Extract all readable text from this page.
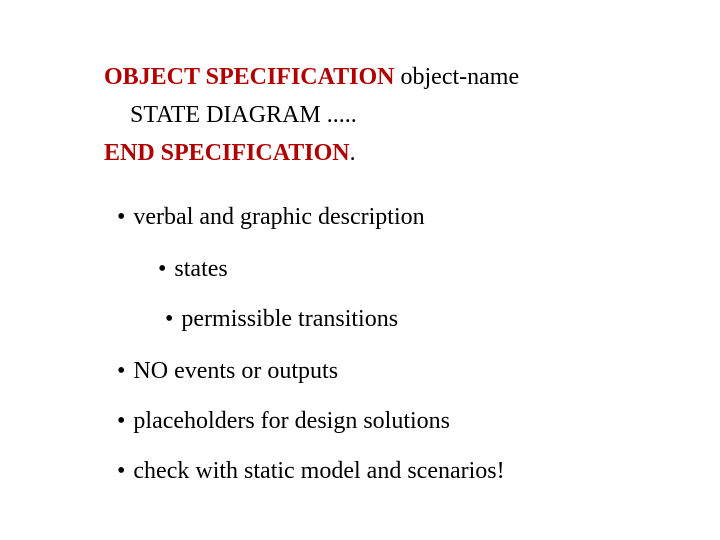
OBJECT SPECIFICATION object-name
STATE DIAGRAM .....
END SPECIFICATION.
• verbal and graphic description
• states
• permissible transitions
• NO events or outputs
• placeholders for design solutions
• check with static model and scenarios!
